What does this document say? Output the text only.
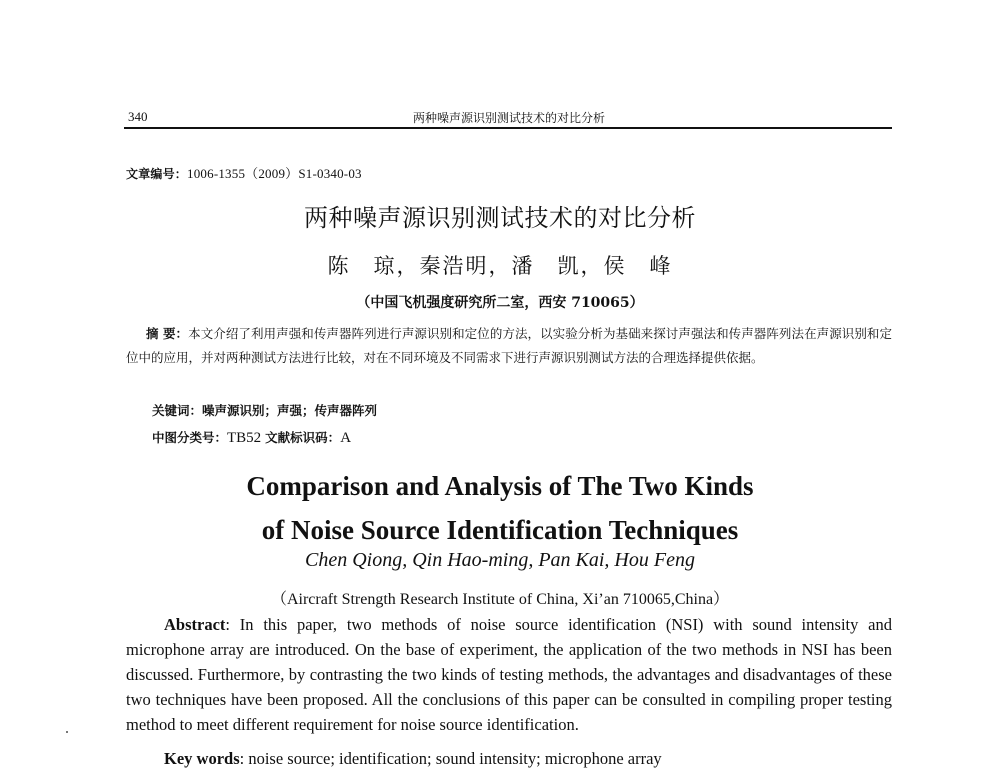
340	两种噪声源识别测试技术的对比分析
文章编号：1006-1355（2009）S1-0340-03
两种噪声源识别测试技术的对比分析
陈　琼，秦浩明，潘　凯，侯　峰
（中国飞机强度研究所二室，西安 710065）
摘 要：本文介绍了利用声强和传声器阵列进行声源识别和定位的方法，以实验分析为基础来探讨声强法和传声器阵列法在声源识别和定位中的应用，并对两种测试方法进行比较，对在不同环境及不同需求下进行声源识别测试方法的合理选择提供依据。
关键词：噪声源识别；声强；传声器阵列
中图分类号：TB52 文献标识码：A
Comparison and Analysis of The Two Kinds
of Noise Source Identification Techniques
Chen Qiong, Qin Hao-ming, Pan Kai, Hou Feng
（Aircraft Strength Research Institute of China, Xi’an 710065,China）
Abstract: In this paper, two methods of noise source identification (NSI) with sound intensity and microphone array are introduced. On the base of experiment, the application of the two methods in NSI has been discussed. Furthermore, by contrasting the two kinds of testing methods, the advantages and disadvantages of these two techniques have been proposed. All the conclusions of this paper can be consulted in compiling proper testing method to meet different requirement for noise source identification.
Key words: noise source; identification; sound intensity; microphone array
